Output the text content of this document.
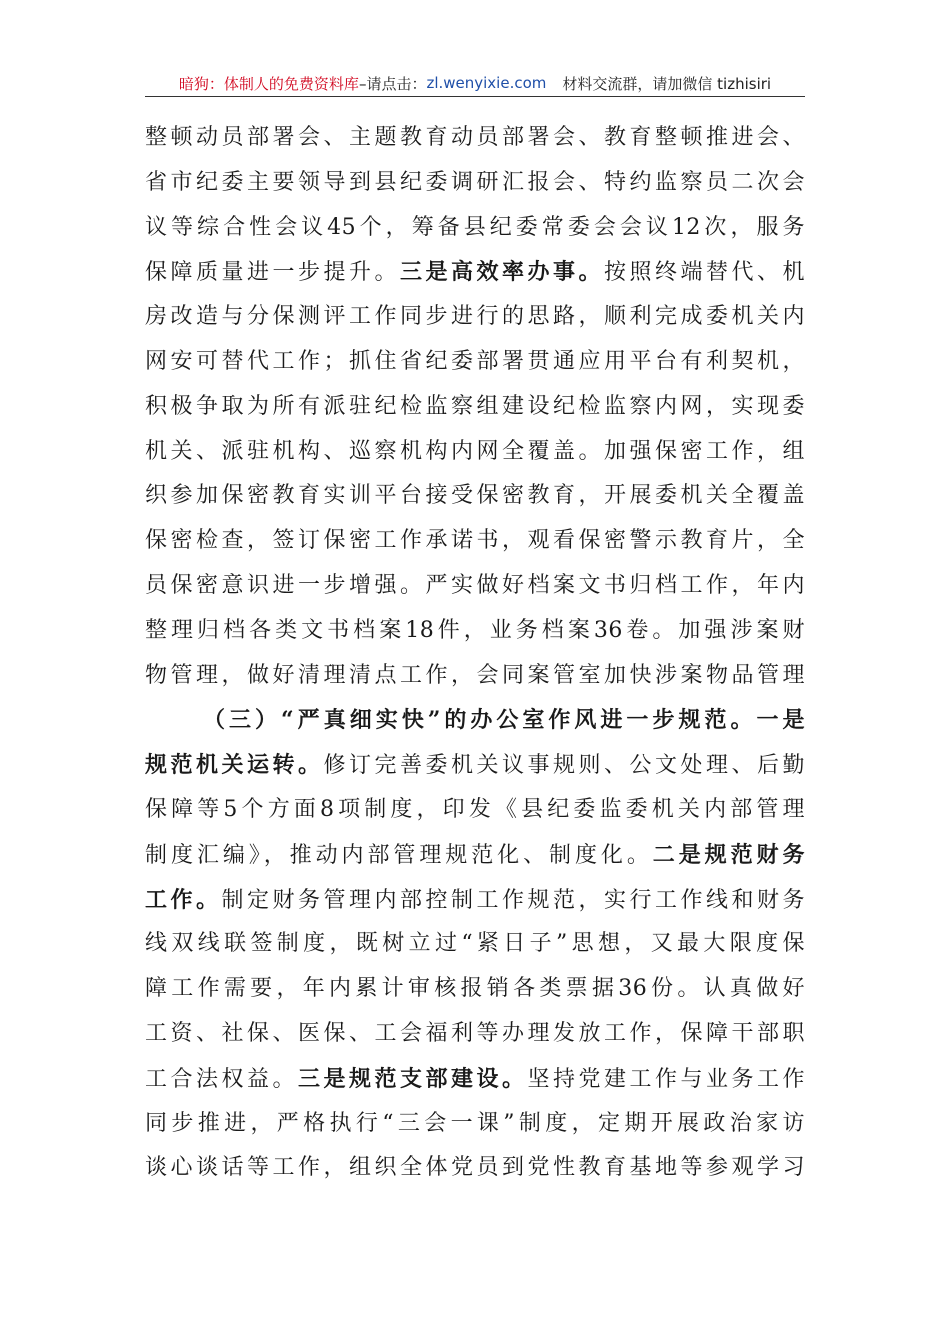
暗狗：体制人的免费资料库 –请点击： zl.wenyixie.com 材料交流群，请加微信 tizhisiri
整顿动员部署会、主题教育动员部署会、教育整顿推进会、
省市纪委主要领导到县纪委调研汇报会、特约监察员二次会
议等综合性会议45个，筹备县纪委常委会会议12次，服务
保障质量进一步提升。三是高效率办事。按照终端替代、机
房改造与分保测评工作同步进行的思路，顺利完成委机关内
网安可替代工作；抓住省纪委部署贯通应用平台有利契机，
积极争取为所有派驻纪检监察组建设纪检监察内网，实现委
机关、派驻机构、巡察机构内网全覆盖。加强保密工作，组
织参加保密教育实训平台接受保密教育，开展委机关全覆盖
保密检查，签订保密工作承诺书，观看保密警示教育片，全
员保密意识进一步增强。严实做好档案文书归档工作，年内
整理归档各类文书档案18件，业务档案36卷。加强涉案财
物管理，做好清理清点工作，会同案管室加快涉案物品管理
（三）“严真细实快”的办公室作风进一步规范。一是
规范机关运转。修订完善委机关议事规则、公文处理、后勤
保障等5个方面8项制度，印发《县纪委监委机关内部管理
制度汇编》，推动内部管理规范化、制度化。二是规范财务
工作。制定财务管理内部控制工作规范，实行工作线和财务
线双线联签制度，既树立过“紧日子”思想，又最大限度保
障工作需要，年内累计审核报销各类票据36份。认真做好
工资、社保、医保、工会福利等办理发放工作，保障干部职
工合法权益。三是规范支部建设。坚持党建工作与业务工作
同步推进，严格执行“三会一课”制度，定期开展政治家访
谈心谈话等工作，组织全体党员到党性教育基地等参观学习
